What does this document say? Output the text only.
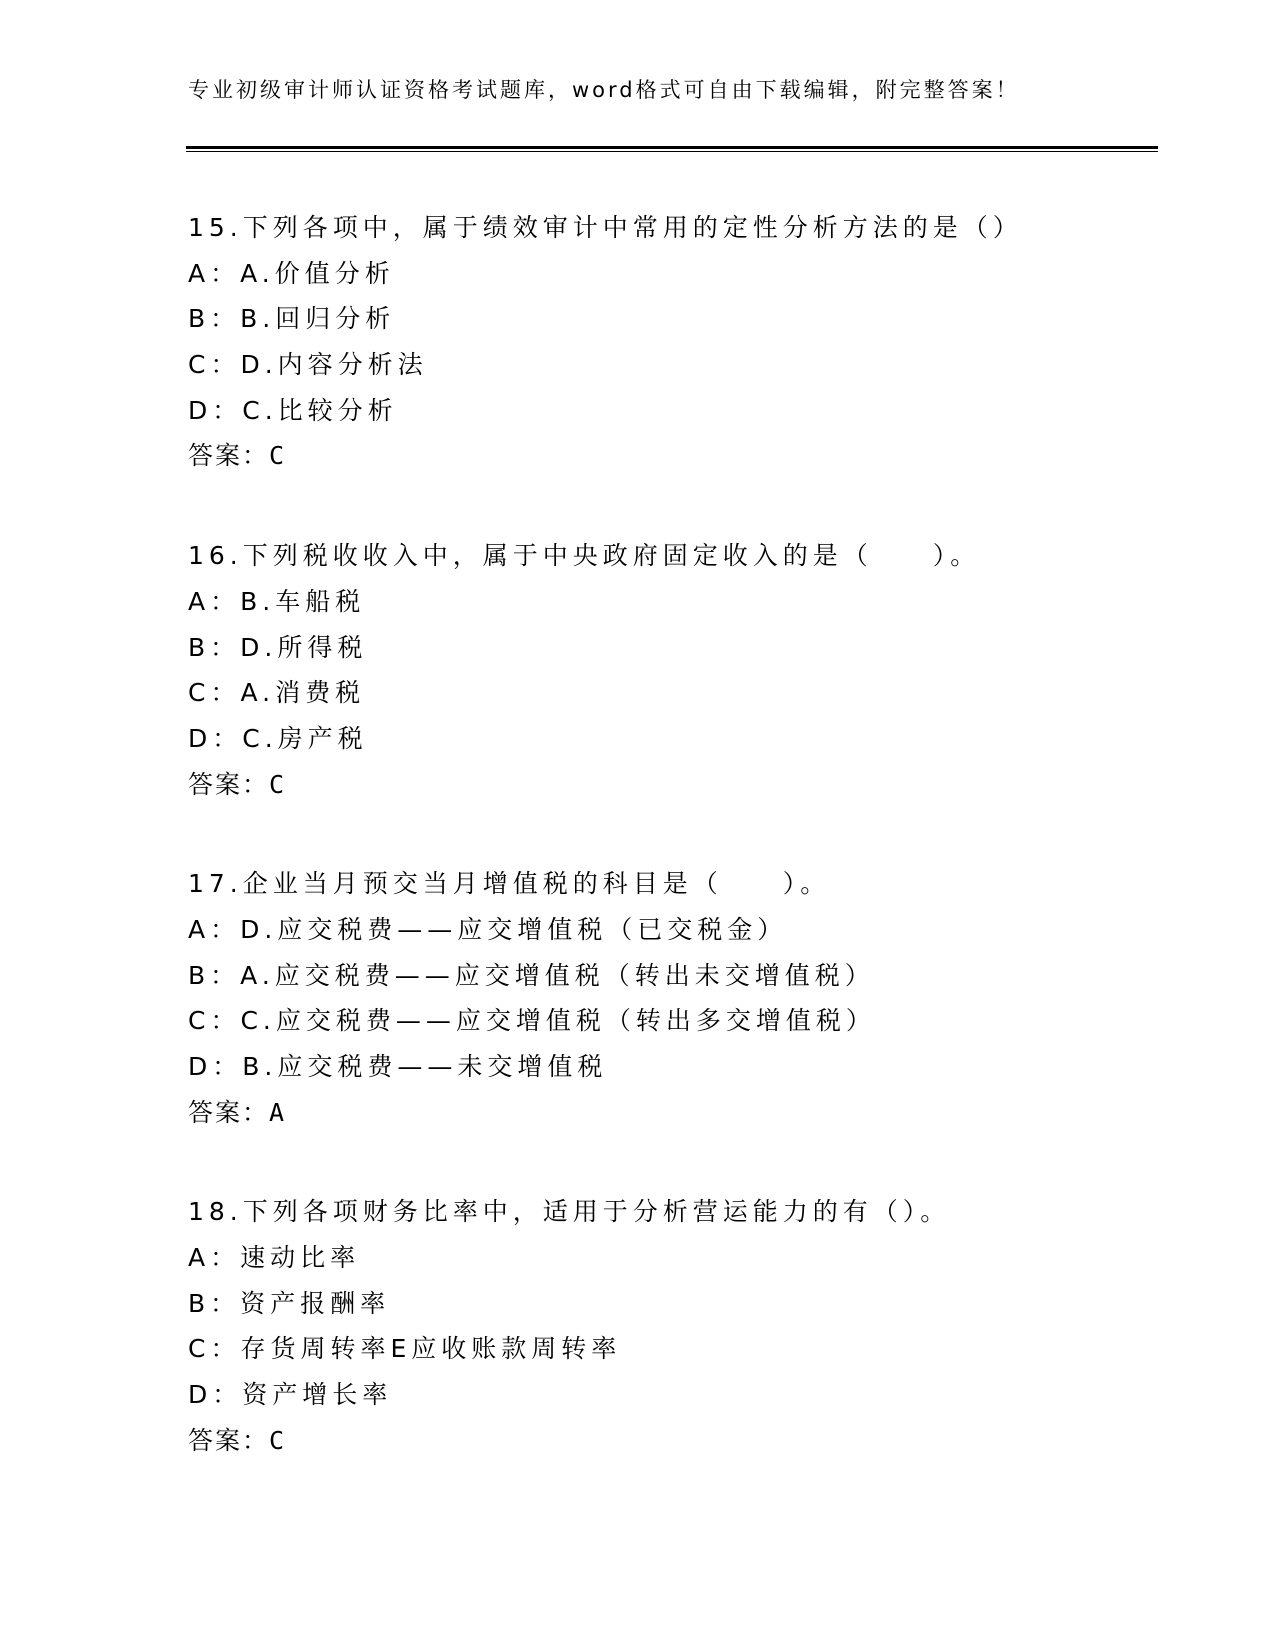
专业初级审计师认证资格考试题库，word格式可自由下载编辑，附完整答案！
15.下列各项中，属于绩效审计中常用的定性分析方法的是（）
A：A.价值分析
B：B.回归分析
C：D.内容分析法
D：C.比较分析
答案：C
16.下列税收收入中，属于中央政府固定收入的是（　　）。
A：B.车船税
B：D.所得税
C：A.消费税
D：C.房产税
答案：C
17.企业当月预交当月增值税的科目是（　　）。
A：D.应交税费——应交增值税（已交税金）
B：A.应交税费——应交增值税（转出未交增值税）
C：C.应交税费——应交增值税（转出多交增值税）
D：B.应交税费——未交增值税
答案：A
18.下列各项财务比率中，适用于分析营运能力的有（）。
A：速动比率
B：资产报酬率
C：存货周转率E应收账款周转率
D：资产增长率
答案：C
